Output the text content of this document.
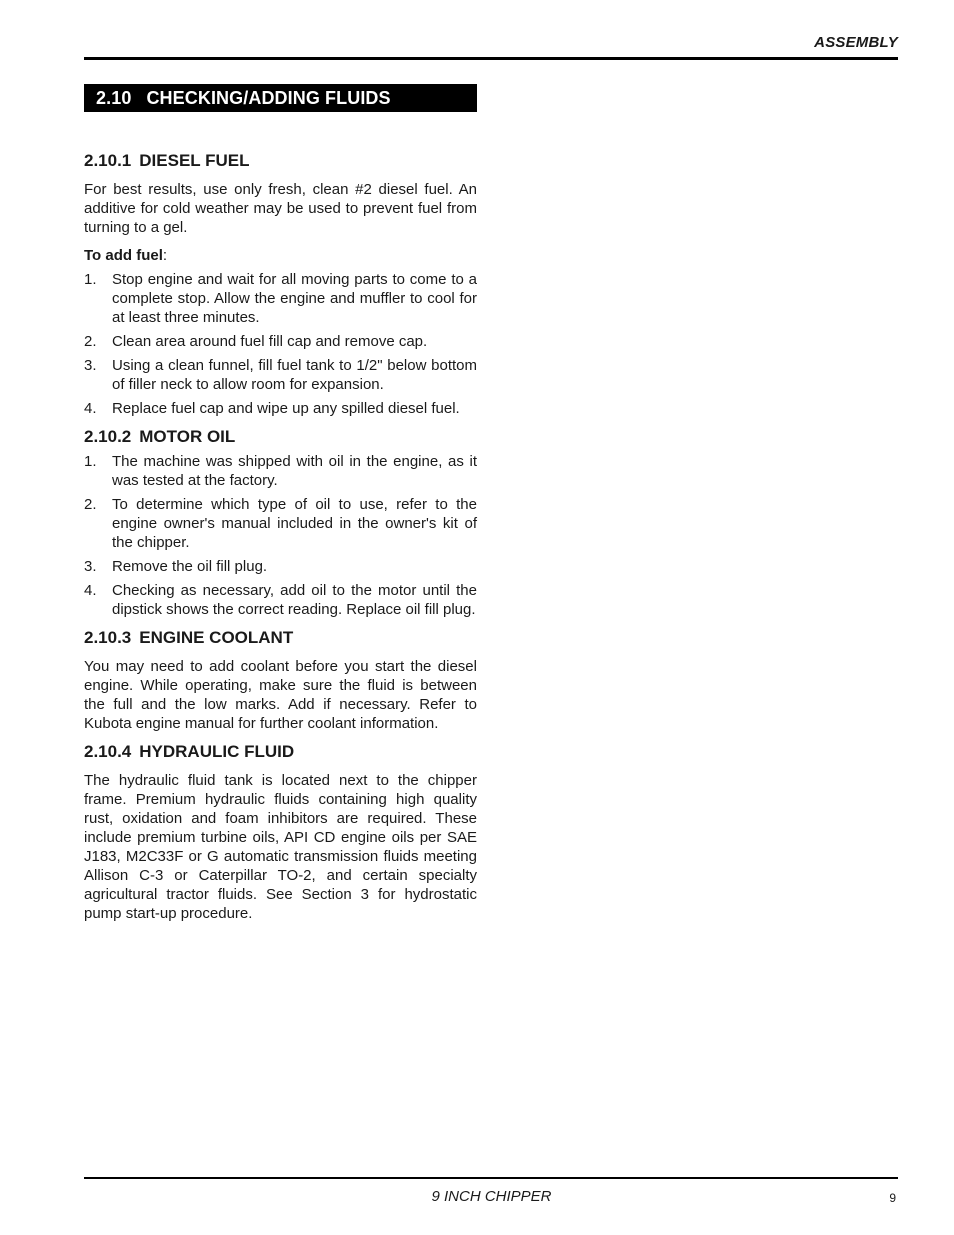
ASSEMBLY
2.10 CHECKING/ADDING FLUIDS
2.10.1 DIESEL FUEL

For best results, use only fresh, clean #2 diesel fuel. An additive for cold weather may be used to prevent fuel from turning to a gel.

To add fuel:
1. Stop engine and wait for all moving parts to come to a complete stop. Allow the engine and muffler to cool for at least three minutes.
2. Clean area around fuel fill cap and remove cap.
3. Using a clean funnel, fill fuel tank to 1/2" below bottom of filler neck to allow room for expansion.
4. Replace fuel cap and wipe up any spilled diesel fuel.
2.10.2 MOTOR OIL
1. The machine was shipped with oil in the engine, as it was tested at the factory.
2. To determine which type of oil to use, refer to the engine owner's manual included in the owner's kit of the chipper.
3. Remove the oil fill plug.
4. Checking as necessary, add oil to the motor until the dipstick shows the correct reading. Replace oil fill plug.
2.10.3 ENGINE COOLANT

You may need to add coolant before you start the diesel engine. While operating, make sure the fluid is between the full and the low marks. Add if necessary. Refer to Kubota engine manual for further coolant information.

2.10.4 HYDRAULIC FLUID

The hydraulic fluid tank is located next to the chipper frame. Premium hydraulic fluids containing high quality rust, oxidation and foam inhibitors are required. These include premium turbine oils, API CD engine oils per SAE J183, M2C33F or G automatic transmission fluids meeting Allison C-3 or Caterpillar TO-2, and certain specialty agricultural tractor fluids. See Section 3 for hydrostatic pump start-up procedure.

9 INCH CHIPPER	9
